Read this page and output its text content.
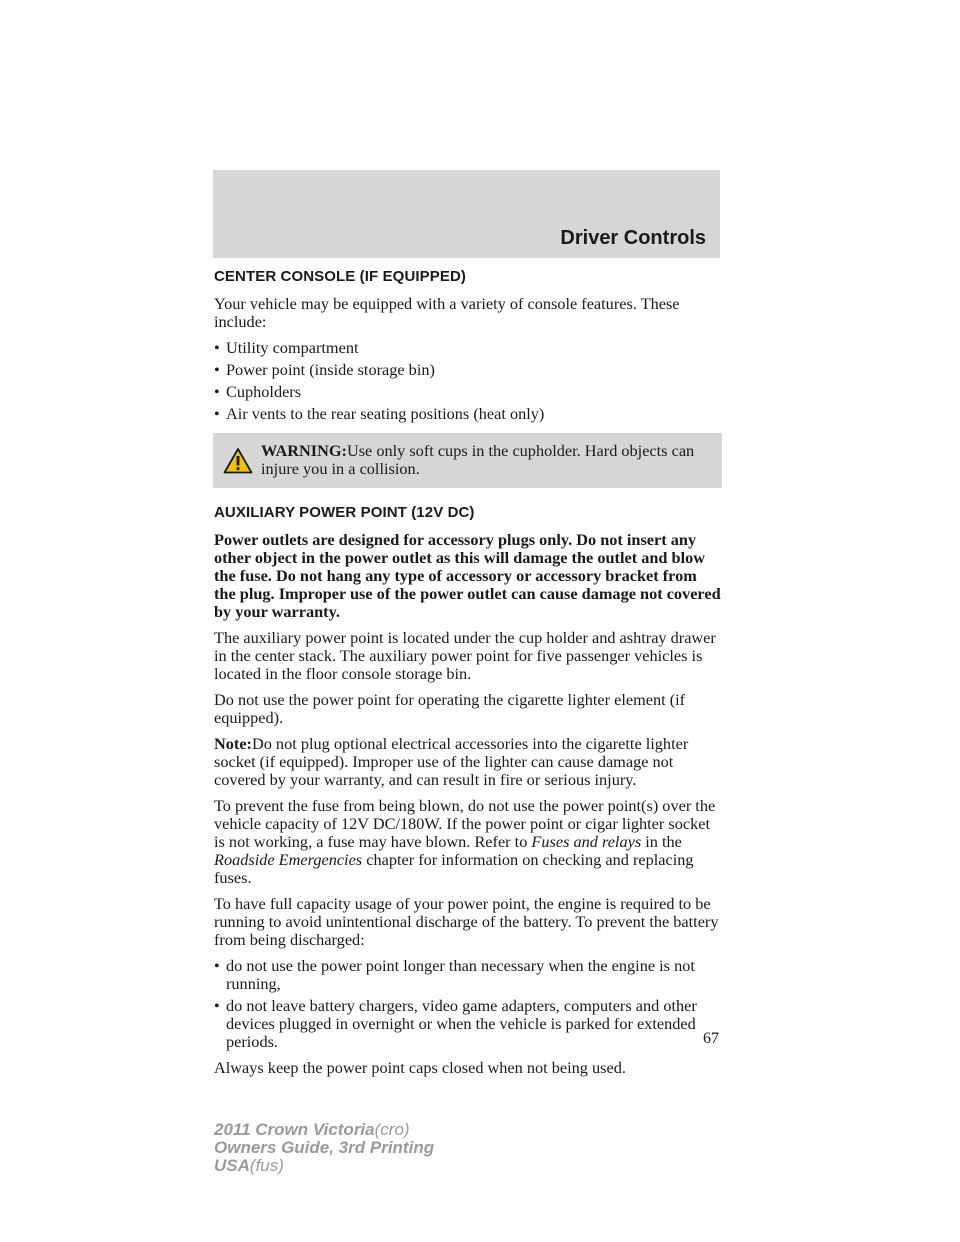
Driver Controls
CENTER CONSOLE (IF EQUIPPED)

Your vehicle may be equipped with a variety of console features. These include:

• Utility compartment
• Power point (inside storage bin)
• Cupholders
• Air vents to the rear seating positions (heat only)
WARNING:Use only soft cups in the cupholder. Hard objects can injure you in a collision.
AUXILIARY POWER POINT (12V DC)

Power outlets are designed for accessory plugs only. Do not insert any other object in the power outlet as this will damage the outlet and blow the fuse. Do not hang any type of accessory or accessory bracket from the plug. Improper use of the power outlet can cause damage not covered by your warranty.

The auxiliary power point is located under the cup holder and ashtray drawer in the center stack. The auxiliary power point for five passenger vehicles is located in the floor console storage bin.

Do not use the power point for operating the cigarette lighter element (if equipped).

Note:Do not plug optional electrical accessories into the cigarette lighter socket (if equipped). Improper use of the lighter can cause damage not covered by your warranty, and can result in fire or serious injury.

To prevent the fuse from being blown, do not use the power point(s) over the vehicle capacity of 12V DC/180W. If the power point or cigar lighter socket is not working, a fuse may have blown. Refer to Fuses and relays in the Roadside Emergencies chapter for information on checking and replacing fuses.

To have full capacity usage of your power point, the engine is required to be running to avoid unintentional discharge of the battery. To prevent the battery from being discharged:

• do not use the power point longer than necessary when the engine is not running,
• do not leave battery chargers, video game adapters, computers and other devices plugged in overnight or when the vehicle is parked for extended periods.

Always keep the power point caps closed when not being used.

67
2011 Crown Victoria(cro)
Owners Guide, 3rd Printing
USA(fus)
